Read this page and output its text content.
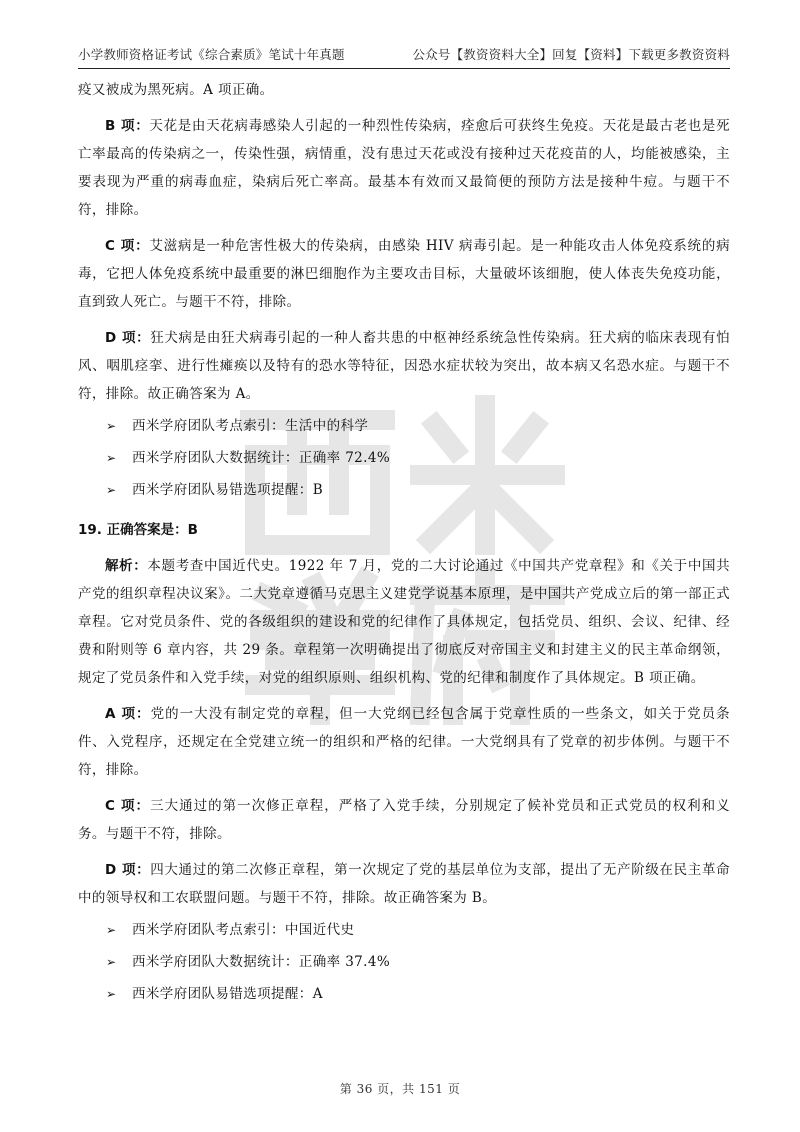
小学教师资格证考试《综合素质》笔试十年真题	公众号【教资资料大全】回复【资料】下载更多教资资料

疫又被成为黑死病。A 项正确。

B 项：天花是由天花病毒感染人引起的一种烈性传染病，痊愈后可获终生免疫。天花是最古老也是死亡率最高的传染病之一，传染性强，病情重，没有患过天花或没有接种过天花疫苗的人，均能被感染，主要表现为严重的病毒血症，染病后死亡率高。最基本有效而又最简便的预防方法是接种牛痘。与题干不符，排除。

C 项：艾滋病是一种危害性极大的传染病，由感染 HIV 病毒引起。是一种能攻击人体免疫系统的病毒，它把人体免疫系统中最重要的淋巴细胞作为主要攻击目标，大量破坏该细胞，使人体丧失免疫功能，直到致人死亡。与题干不符，排除。

D 项：狂犬病是由狂犬病毒引起的一种人畜共患的中枢神经系统急性传染病。狂犬病的临床表现有怕风、咽肌痉挛、进行性瘫痪以及特有的恐水等特征，因恐水症状较为突出，故本病又名恐水症。与题干不符，排除。故正确答案为 A。

➢	西米学府团队考点索引：生活中的科学
➢	西米学府团队大数据统计：正确率 72.4%
➢	西米学府团队易错选项提醒：B
19. 正确答案是：B

解析：本题考查中国近代史。1922 年 7 月，党的二大讨论通过《中国共产党章程》和《关于中国共产党的组织章程决议案》。二大党章遵循马克思主义建党学说基本原理，是中国共产党成立后的第一部正式章程。它对党员条件、党的各级组织的建设和党的纪律作了具体规定，包括党员、组织、会议、纪律、经费和附则等 6 章内容，共 29 条。章程第一次明确提出了彻底反对帝国主义和封建主义的民主革命纲领，规定了党员条件和入党手续，对党的组织原则、组织机构、党的纪律和制度作了具体规定。B 项正确。

A 项：党的一大没有制定党的章程，但一大党纲已经包含属于党章性质的一些条文，如关于党员条件、入党程序，还规定在全党建立统一的组织和严格的纪律。一大党纲具有了党章的初步体例。与题干不符，排除。

C 项：三大通过的第一次修正章程，严格了入党手续，分别规定了候补党员和正式党员的权利和义务。与题干不符，排除。

D 项：四大通过的第二次修正章程，第一次规定了党的基层单位为支部，提出了无产阶级在民主革命中的领导权和工农联盟问题。与题干不符，排除。故正确答案为 B。

➢	西米学府团队考点索引：中国近代史
➢	西米学府团队大数据统计：正确率 37.4%
➢	西米学府团队易错选项提醒：A
第 36 页，共 151 页
